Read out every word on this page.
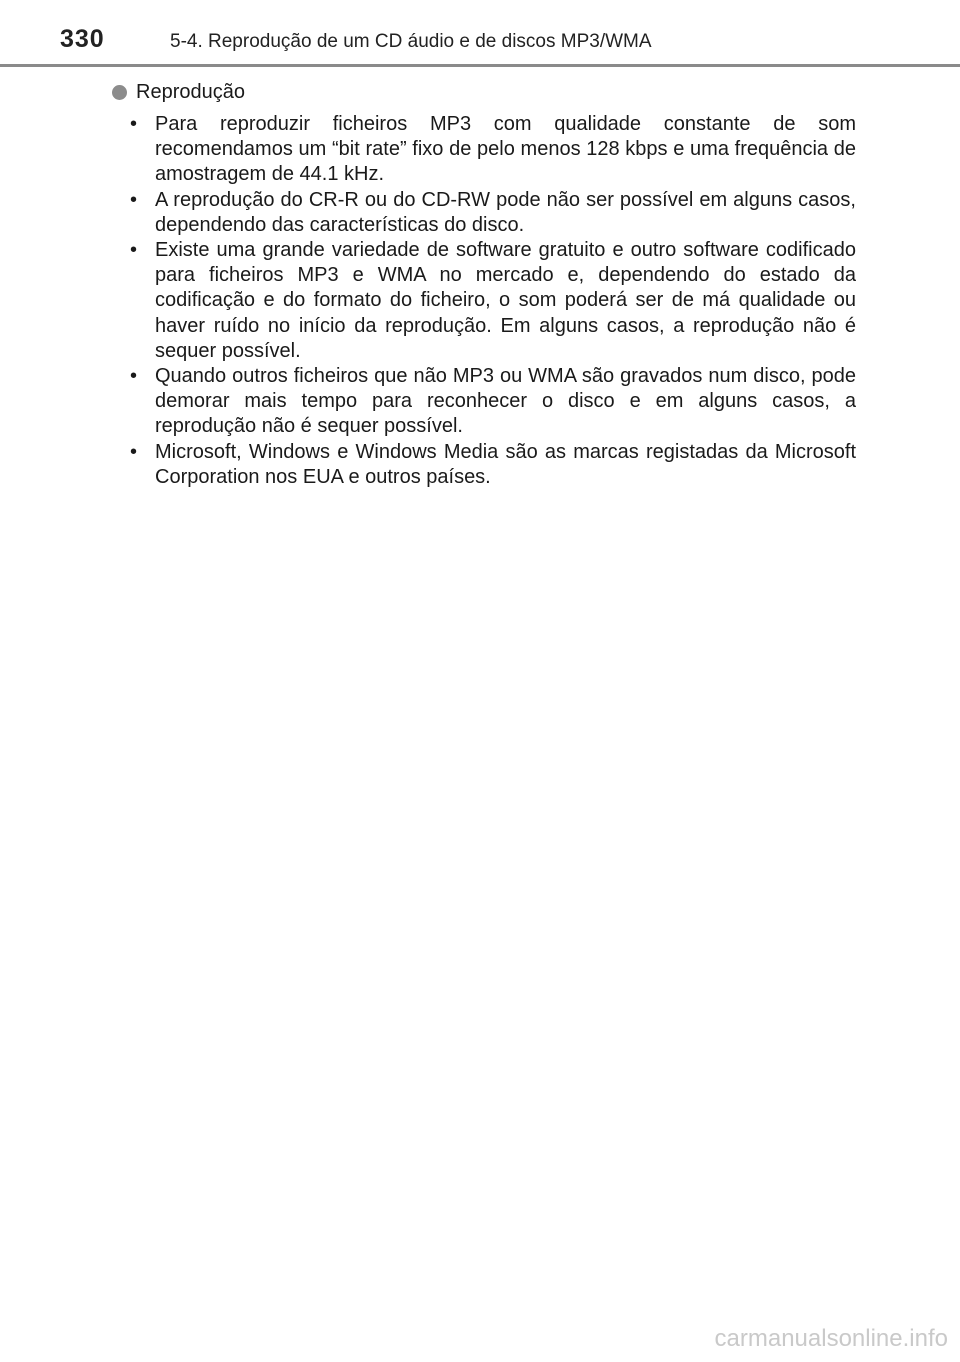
330	5-4. Reprodução de um CD áudio e de discos MP3/WMA
Reprodução
• Para reproduzir ficheiros MP3 com qualidade constante de som recomendamos um “bit rate” fixo de pelo menos 128 kbps e uma frequência de amostragem de 44.1 kHz.
• A reprodução do CR-R ou do CD-RW pode não ser possível em alguns casos, dependendo das características do disco.
• Existe uma grande variedade de software gratuito e outro software codificado para ficheiros MP3 e WMA no mercado e, dependendo do estado da codificação e do formato do ficheiro, o som poderá ser de má qualidade ou haver ruído no início da reprodução. Em alguns casos, a reprodução não é sequer possível.
• Quando outros ficheiros que não MP3 ou WMA são gravados num disco, pode demorar mais tempo para reconhecer o disco e em alguns casos, a reprodução não é sequer possível.
• Microsoft, Windows e Windows Media são as marcas registadas da Microsoft Corporation nos EUA e outros países.
carmanualsonline.info
